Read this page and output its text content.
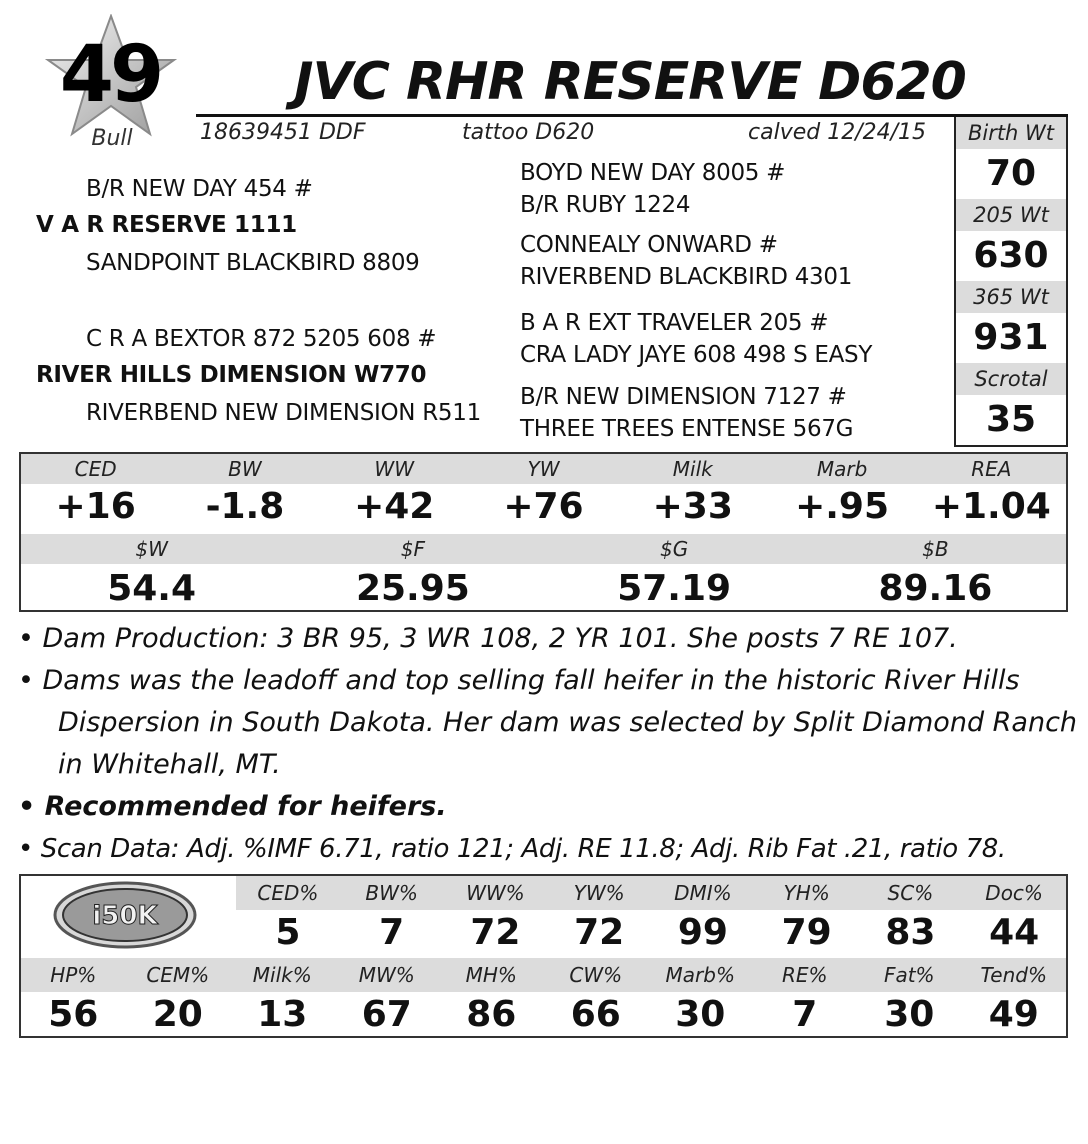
49
Bull
JVC RHR RESERVE D620
18639451 DDF	tattoo D620	calved 12/24/15
B/R NEW DAY 454 #
V A R RESERVE 1111
SANDPOINT BLACKBIRD 8809
C R A BEXTOR 872 5205 608 #
RIVER HILLS DIMENSION W770
RIVERBEND NEW DIMENSION R511
BOYD NEW DAY 8005 #
B/R RUBY 1224
CONNEALY ONWARD #
RIVERBEND BLACKBIRD 4301
B A R EXT TRAVELER 205 #
CRA LADY JAYE 608 498 S EASY
B/R NEW DIMENSION 7127 #
THREE TREES ENTENSE 567G
Birth Wt
70
205 Wt
630
365 Wt
931
Scrotal
35
CED	BW	WW	YW	Milk	Marb	REA
+16	-1.8	+42	+76	+33	+.95	+1.04
$W	$F	$G	$B
54.4	25.95	57.19	89.16
• Dam Production: 3 BR 95, 3 WR 108, 2 YR 101. She posts 7 RE 107.
• Dams was the leadoff and top selling fall heifer in the historic River Hills Dispersion in South Dakota. Her dam was selected by Split Diamond Ranch in Whitehall, MT.
• Recommended for heifers.
• Scan Data: Adj. %IMF 6.71, ratio 121; Adj. RE 11.8; Adj. Rib Fat .21, ratio 78.
i50K
CED%	BW%	WW%	YW%	DMI%	YH%	SC%	Doc%
5	7	72	72	99	79	83	44
HP%	CEM%	Milk%	MW%	MH%	CW%	Marb%	RE%	Fat%	Tend%
56	20	13	67	86	66	30	7	30	49
